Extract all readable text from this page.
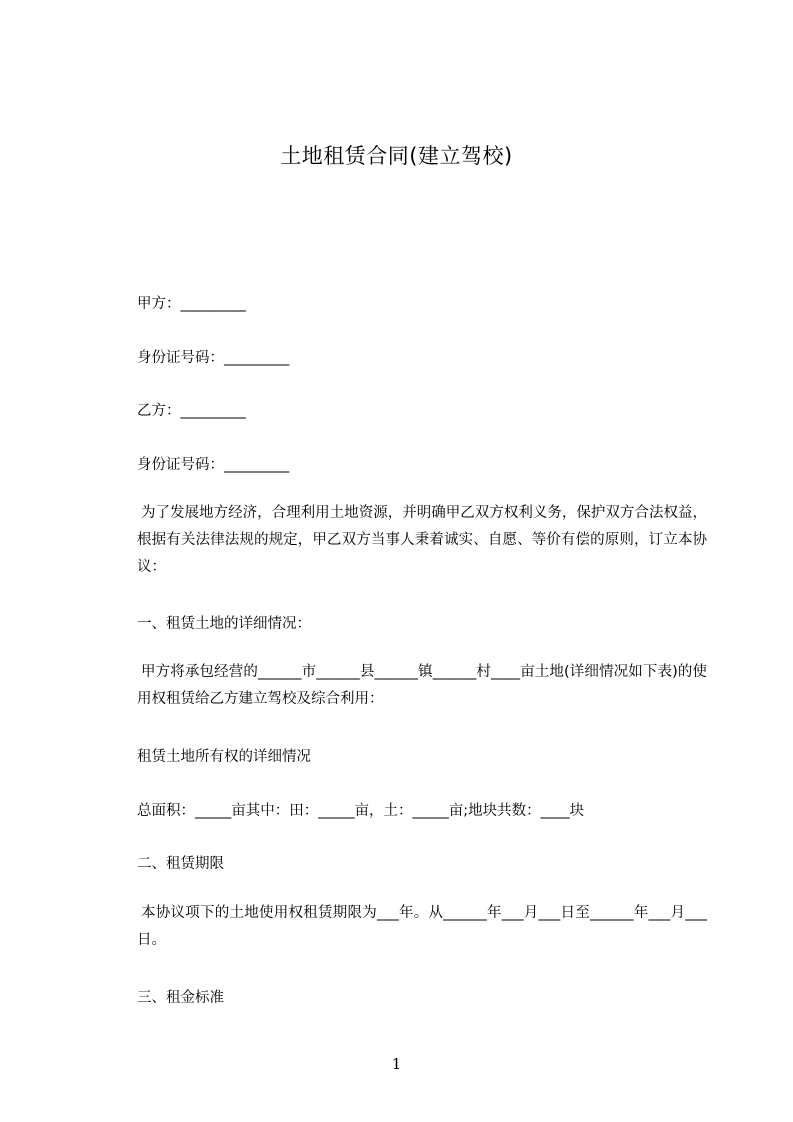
土地租赁合同(建立驾校)

甲方：_________

身份证号码：_________

乙方：_________

身份证号码：_________

为了发展地方经济，合理利用土地资源，并明确甲乙双方权利义务，保护双方合法权益，根据有关法律法规的规定，甲乙双方当事人秉着诚实、自愿、等价有偿的原则，订立本协议：

一、租赁土地的详细情况：

甲方将承包经营的______市______县______镇______村____亩土地(详细情况如下表)的使用权租赁给乙方建立驾校及综合利用：

租赁土地所有权的详细情况

总面积：_____亩其中：田：_____亩，土：_____亩;地块共数：____块

二、租赁期限

本协议项下的土地使用权租赁期限为___年。从______年___月___日至______年___月___日。

三、租金标准

1
